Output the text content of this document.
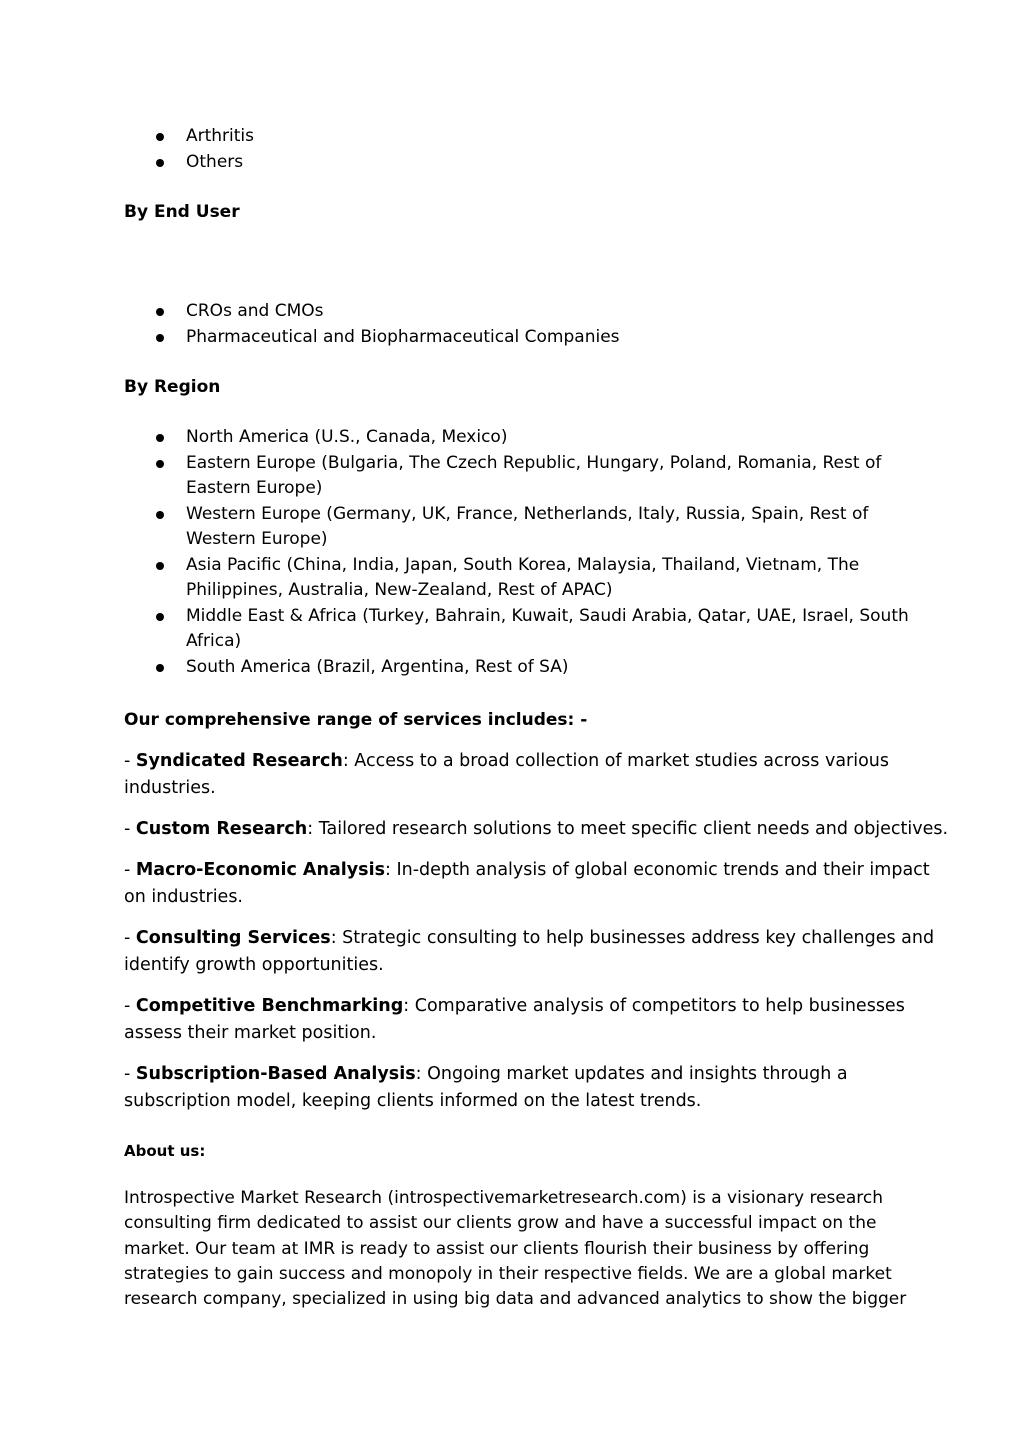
Arthritis
Others
By End User
CROs and CMOs
Pharmaceutical and Biopharmaceutical Companies
By Region
North America (U.S., Canada, Mexico)
Eastern Europe (Bulgaria, The Czech Republic, Hungary, Poland, Romania, Rest of
Eastern Europe)
Western Europe (Germany, UK, France, Netherlands, Italy, Russia, Spain, Rest of
Western Europe)
Asia Pacific (China, India, Japan, South Korea, Malaysia, Thailand, Vietnam, The
Philippines, Australia, New-Zealand, Rest of APAC)
Middle East & Africa (Turkey, Bahrain, Kuwait, Saudi Arabia, Qatar, UAE, Israel, South
Africa)
South America (Brazil, Argentina, Rest of SA)
Our comprehensive range of services includes: -
- Syndicated Research: Access to a broad collection of market studies across various
industries.
- Custom Research: Tailored research solutions to meet specific client needs and objectives.
- Macro-Economic Analysis: In-depth analysis of global economic trends and their impact
on industries.
- Consulting Services: Strategic consulting to help businesses address key challenges and
identify growth opportunities.
- Competitive Benchmarking: Comparative analysis of competitors to help businesses
assess their market position.
- Subscription-Based Analysis: Ongoing market updates and insights through a
subscription model, keeping clients informed on the latest trends.
About us:
Introspective Market Research (introspectivemarketresearch.com) is a visionary research
consulting firm dedicated to assist our clients grow and have a successful impact on the
market. Our team at IMR is ready to assist our clients flourish their business by offering
strategies to gain success and monopoly in their respective fields. We are a global market
research company, specialized in using big data and advanced analytics to show the bigger
